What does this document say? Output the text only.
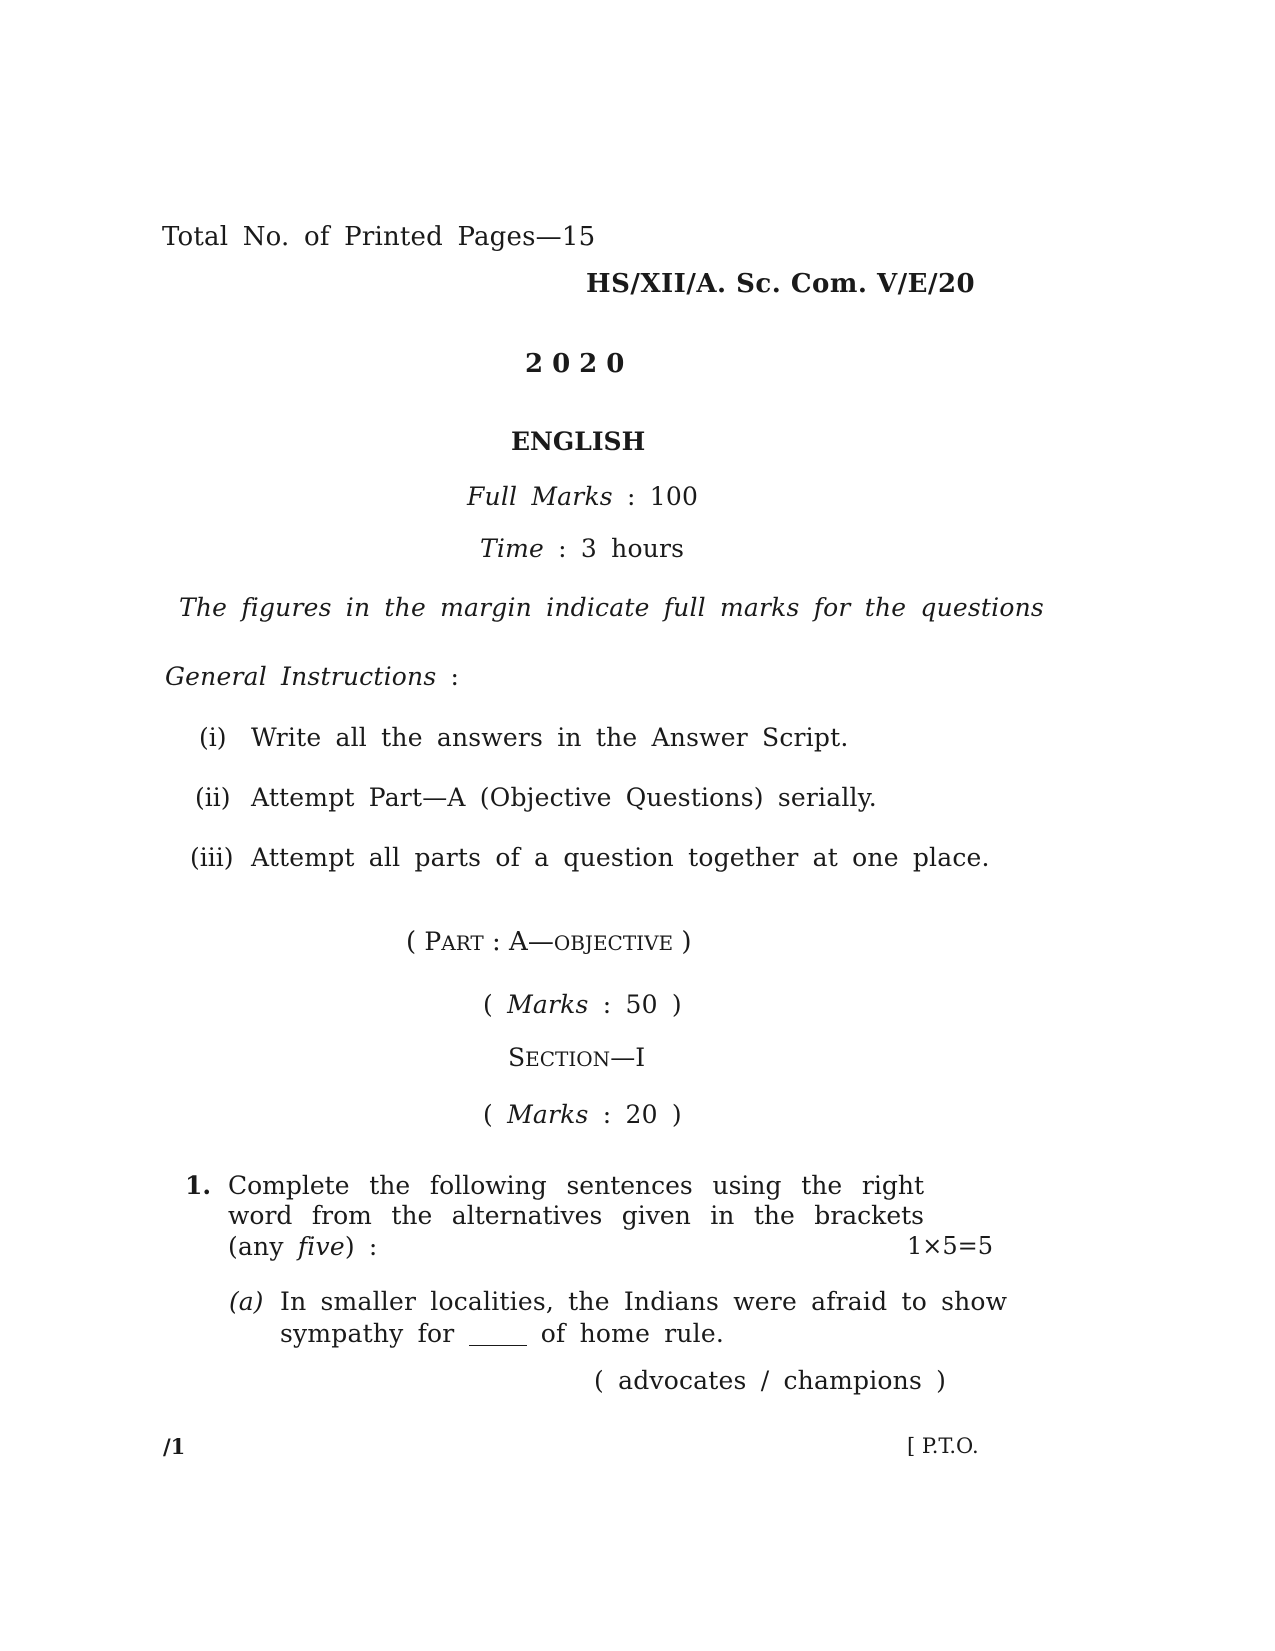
Total No. of Printed Pages—15
HS/XII/A. Sc. Com. V/E/20
2020
ENGLISH
Full Marks : 100
Time : 3 hours
The figures in the margin indicate full marks for the questions
General Instructions :
(i) Write all the answers in the Answer Script.
(ii) Attempt Part—A (Objective Questions) serially.
(iii) Attempt all parts of a question together at one place.
( PART : A—OBJECTIVE )
( Marks : 50 )
SECTION—I
( Marks : 20 )
1. Complete the following sentences using the right
word from the alternatives given in the brackets
(any five) :	1×5=5
(a) In smaller localities, the Indians were afraid to show
sympathy for	of home rule.
( advocates / champions )
/1	[ P.T.O.
